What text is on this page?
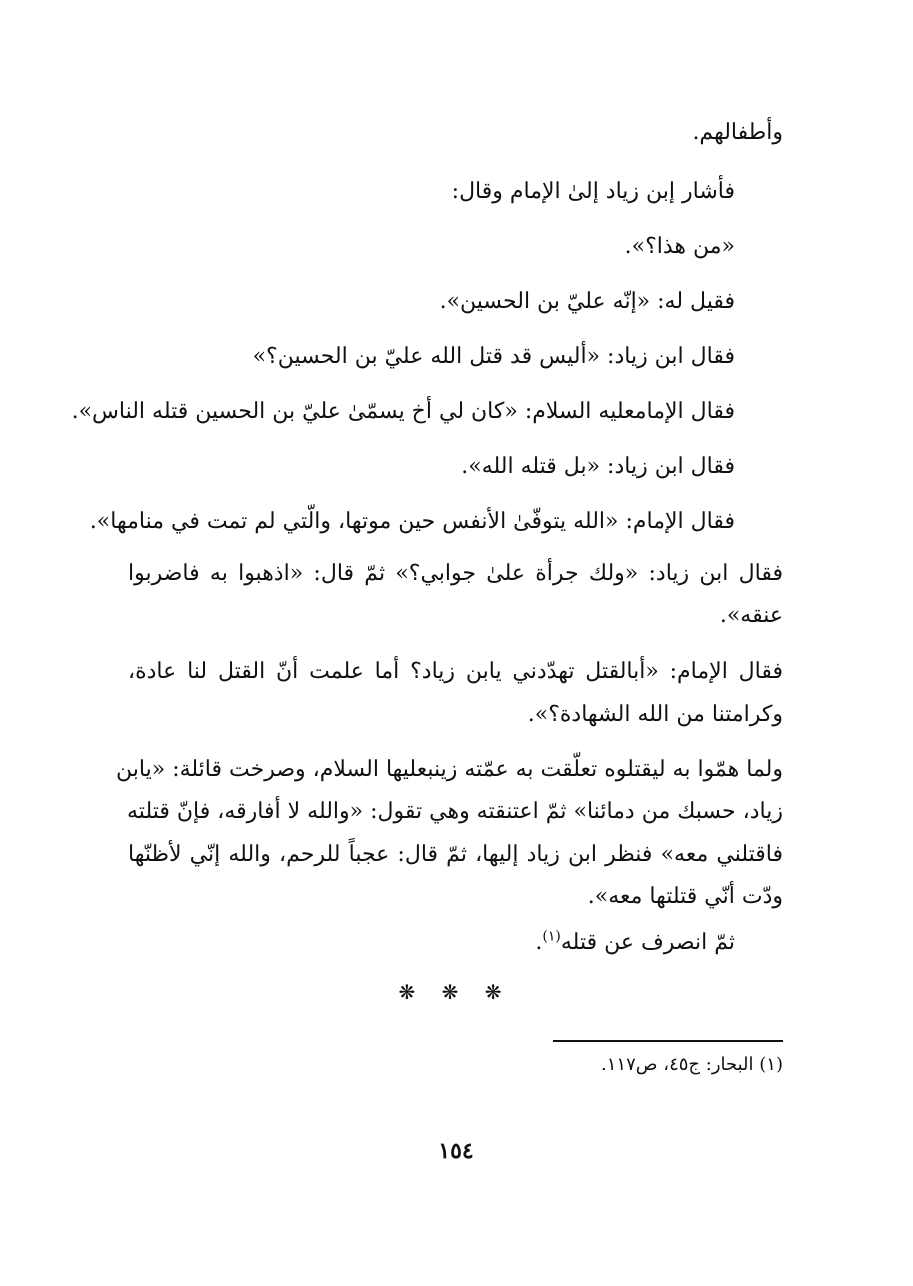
وأطفالهم.
فأشار إبن زياد إلىٰ الإمام وقال:
«من هذا؟».
فقيل له: «إنّه عليّ بن الحسين».
فقال ابن زياد: «أليس قد قتل الله عليّ بن الحسين؟»
فقال الإمامعليه السلام: «كان لي أخ يسمّىٰ عليّ بن الحسين قتله الناس».
فقال ابن زياد: «بل قتله الله».
فقال الإمام: «الله يتوفّىٰ الأنفس حين موتها، والّتي لم تمت في منامها».
فقال ابن زياد: «ولك جرأة علىٰ جوابي؟» ثمّ قال: «اذهبوا به فاضربوا
عنقه».
فقال الإمام: «أبالقتل تهدّدني يابن زياد؟ أما علمت أنّ القتل لنا عادة،
وكرامتنا من الله الشهادة؟».
ولما همّوا به ليقتلوه تعلّقت به عمّته زينبعليها السلام، وصرخت قائلة: «يابن
زياد، حسبك من دمائنا» ثمّ اعتنقته وهي تقول: «والله لا أفارقه، فإنّ قتلته
فاقتلني معه» فنظر ابن زياد إليها، ثمّ قال: عجباً للرحم، والله إنّي لأظنّها
ودّت أنّي قتلتها معه».
ثمّ انصرف عن قتله$^{(١)}$.
❋ ❋ ❋
(١) البحار: ج٤٥، ص١١٧.
١٥٤
